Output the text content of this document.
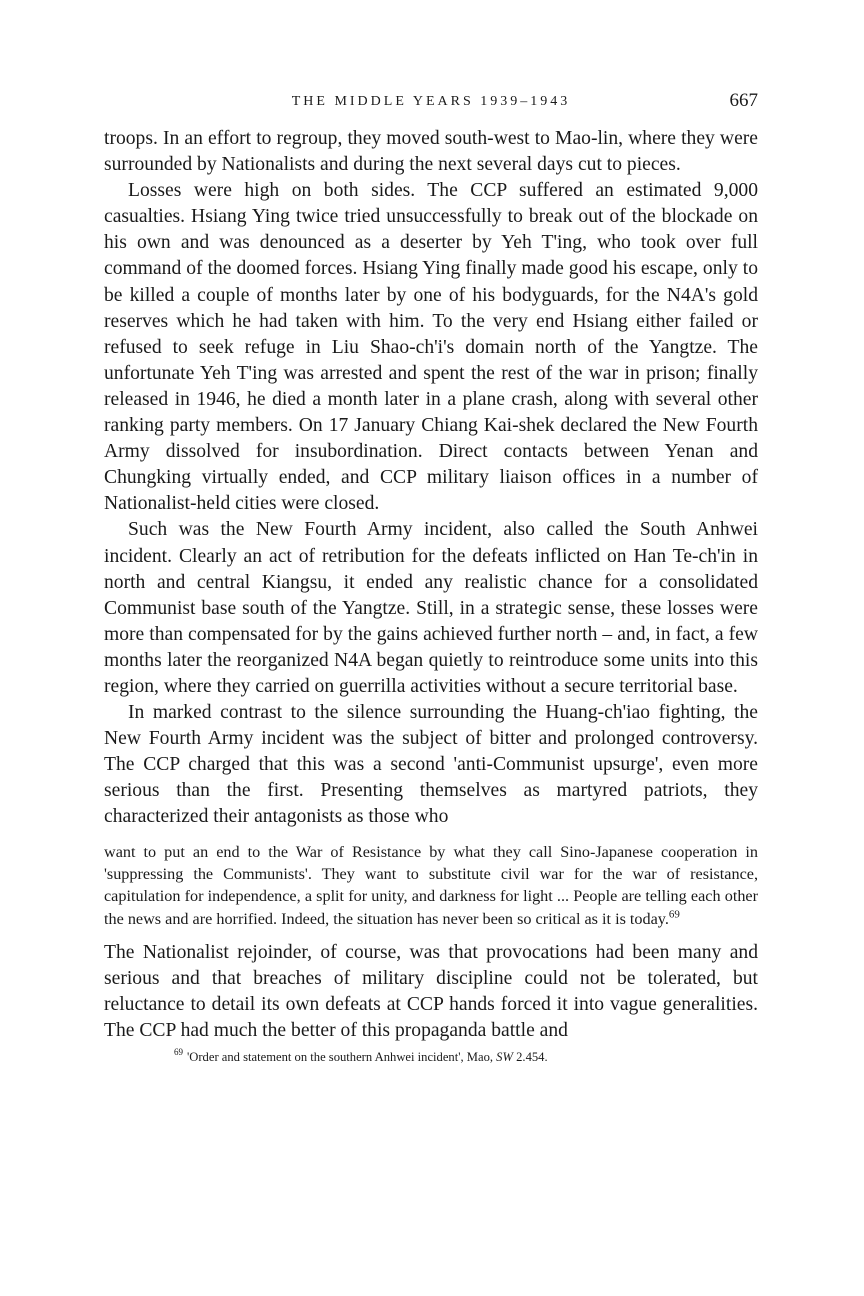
THE MIDDLE YEARS 1939–1943	667

troops. In an effort to regroup, they moved south-west to Mao-lin, where they were surrounded by Nationalists and during the next several days cut to pieces.

Losses were high on both sides. The CCP suffered an estimated 9,000 casualties. Hsiang Ying twice tried unsuccessfully to break out of the blockade on his own and was denounced as a deserter by Yeh T'ing, who took over full command of the doomed forces. Hsiang Ying finally made good his escape, only to be killed a couple of months later by one of his bodyguards, for the N4A's gold reserves which he had taken with him. To the very end Hsiang either failed or refused to seek refuge in Liu Shao-ch'i's domain north of the Yangtze. The unfortunate Yeh T'ing was arrested and spent the rest of the war in prison; finally released in 1946, he died a month later in a plane crash, along with several other ranking party members. On 17 January Chiang Kai-shek declared the New Fourth Army dissolved for insubordination. Direct contacts between Yenan and Chungking virtually ended, and CCP military liaison offices in a number of Nationalist-held cities were closed.

Such was the New Fourth Army incident, also called the South Anhwei incident. Clearly an act of retribution for the defeats inflicted on Han Te-ch'in in north and central Kiangsu, it ended any realistic chance for a consolidated Communist base south of the Yangtze. Still, in a strategic sense, these losses were more than compensated for by the gains achieved further north – and, in fact, a few months later the reorganized N4A began quietly to reintroduce some units into this region, where they carried on guerrilla activities without a secure territorial base.

In marked contrast to the silence surrounding the Huang-ch'iao fighting, the New Fourth Army incident was the subject of bitter and prolonged controversy. The CCP charged that this was a second 'anti-Communist upsurge', even more serious than the first. Presenting themselves as martyred patriots, they characterized their antagonists as those who

want to put an end to the War of Resistance by what they call Sino-Japanese cooperation in 'suppressing the Communists'. They want to substitute civil war for the war of resistance, capitulation for independence, a split for unity, and darkness for light ... People are telling each other the news and are horrified. Indeed, the situation has never been so critical as it is today.$^{69}$

The Nationalist rejoinder, of course, was that provocations had been many and serious and that breaches of military discipline could not be tolerated, but reluctance to detail its own defeats at CCP hands forced it into vague generalities. The CCP had much the better of this propaganda battle and

$^{69}$ 'Order and statement on the southern Anhwei incident', Mao, SW 2.454.
